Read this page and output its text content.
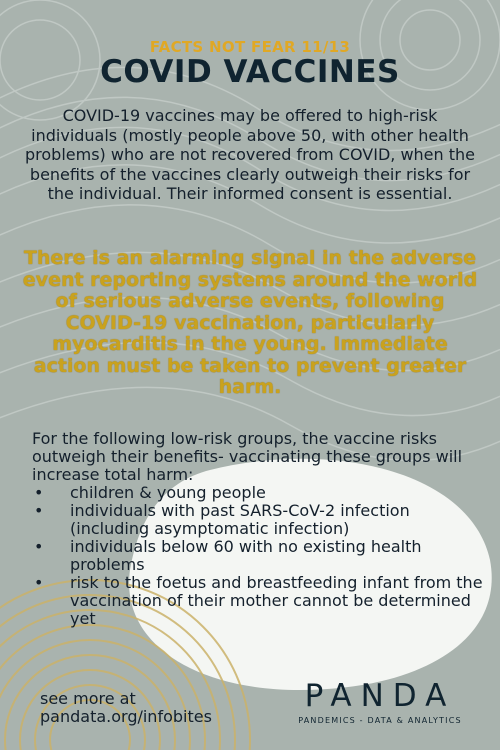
FACTS NOT FEAR 11/13
COVID VACCINES
COVID-19 vaccines may be offered to high-risk individuals (mostly people above 50, with other health problems) who are not recovered from COVID, when the benefits of the vaccines clearly outweigh their risks for the individual. Their informed consent is essential.
There is an alarming signal in the adverse event reporting systems around the world of serious adverse events, following COVID-19 vaccination, particularly myocarditis in the young. Immediate action must be taken to prevent greater harm.
For the following low-risk groups, the vaccine risks outweigh their benefits- vaccinating these groups will increase total harm:
• children & young people
• individuals with past SARS-CoV-2 infection (including asymptomatic infection)
• individuals below 60 with no existing health problems
• risk to the foetus and breastfeeding infant from the vaccination of their mother cannot be determined yet
see more at
pandata.org/infobites
PANDA
PANDEMICS - DATA & ANALYTICS
